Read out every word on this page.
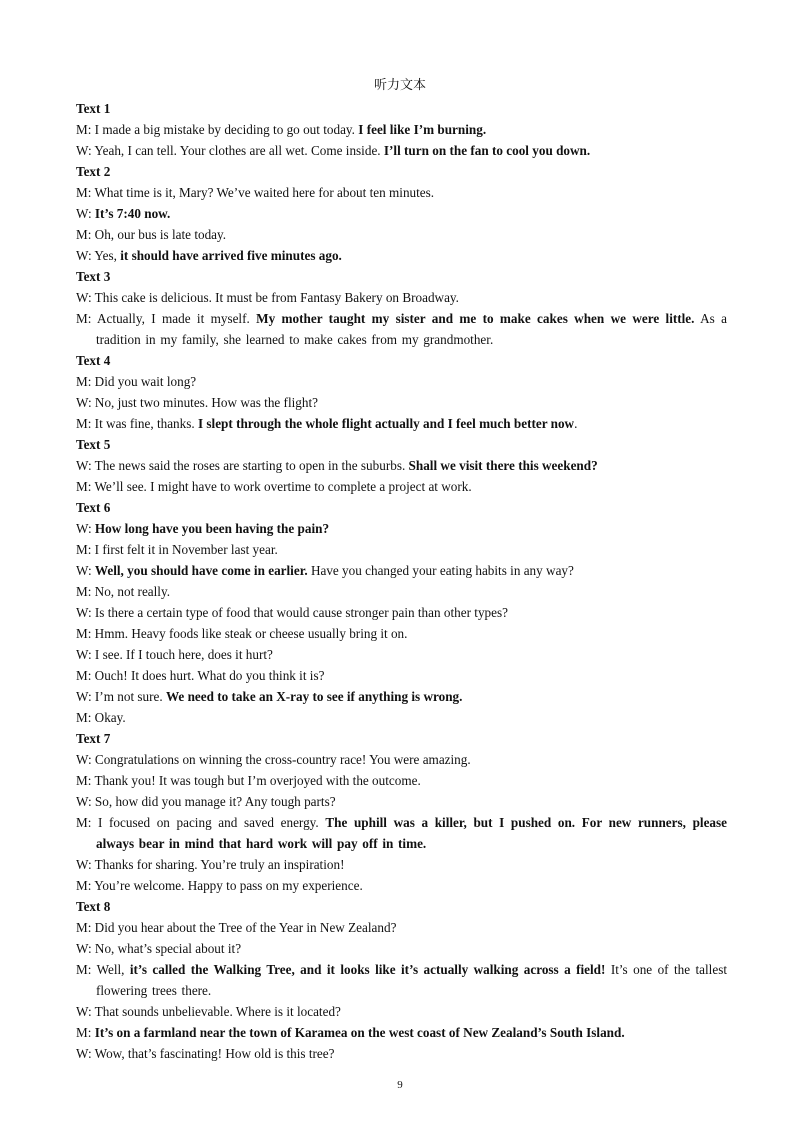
听力文本
Text 1
M: I made a big mistake by deciding to go out today. I feel like I’m burning.
W: Yeah, I can tell. Your clothes are all wet. Come inside. I’ll turn on the fan to cool you down.
Text 2
M: What time is it, Mary? We’ve waited here for about ten minutes.
W: It’s 7:40 now.
M: Oh, our bus is late today.
W: Yes, it should have arrived five minutes ago.
Text 3
W: This cake is delicious. It must be from Fantasy Bakery on Broadway.
M: Actually, I made it myself. My mother taught my sister and me to make cakes when we were little. As a tradition in my family, she learned to make cakes from my grandmother.
Text 4
M: Did you wait long?
W: No, just two minutes. How was the flight?
M: It was fine, thanks. I slept through the whole flight actually and I feel much better now.
Text 5
W: The news said the roses are starting to open in the suburbs. Shall we visit there this weekend?
M: We’ll see. I might have to work overtime to complete a project at work.
Text 6
W: How long have you been having the pain?
M: I first felt it in November last year.
W: Well, you should have come in earlier. Have you changed your eating habits in any way?
M: No, not really.
W: Is there a certain type of food that would cause stronger pain than other types?
M: Hmm. Heavy foods like steak or cheese usually bring it on.
W: I see. If I touch here, does it hurt?
M: Ouch! It does hurt. What do you think it is?
W: I’m not sure. We need to take an X-ray to see if anything is wrong.
M: Okay.
Text 7
W: Congratulations on winning the cross-country race! You were amazing.
M: Thank you! It was tough but I’m overjoyed with the outcome.
W: So, how did you manage it? Any tough parts?
M: I focused on pacing and saved energy. The uphill was a killer, but I pushed on. For new runners, please always bear in mind that hard work will pay off in time.
W: Thanks for sharing. You’re truly an inspiration!
M: You’re welcome. Happy to pass on my experience.
Text 8
M: Did you hear about the Tree of the Year in New Zealand?
W: No, what’s special about it?
M: Well, it’s called the Walking Tree, and it looks like it’s actually walking across a field! It’s one of the tallest flowering trees there.
W: That sounds unbelievable. Where is it located?
M: It’s on a farmland near the town of Karamea on the west coast of New Zealand’s South Island.
W: Wow, that’s fascinating! How old is this tree?
9
